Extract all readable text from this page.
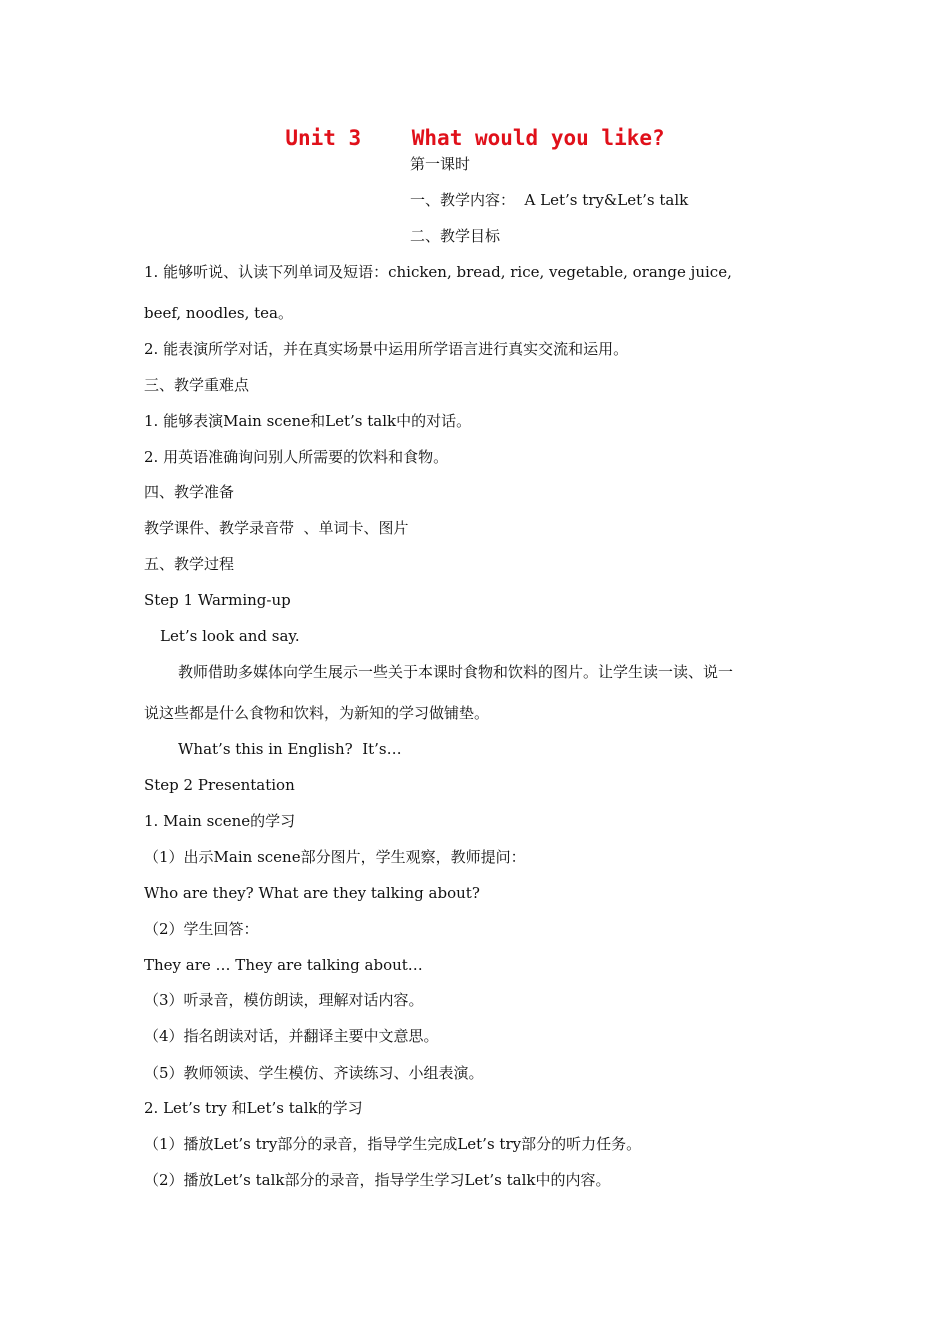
Unit 3    What would you like?

第一课时

一、教学内容：  A Let’s try&Let’s talk

二、教学目标

1. 能够听说、认读下列单词及短语：chicken, bread, rice, vegetable, orange juice,

beef, noodles, tea。

2. 能表演所学对话，并在真实场景中运用所学语言进行真实交流和运用。

三、教学重难点

1. 能够表演Main scene和Let’s talk中的对话。

2. 用英语准确询问别人所需要的饮料和食物。

四、教学准备

教学课件、教学录音带  、单词卡、图片

五、教学过程

Step 1 Warming-up

Let’s look and say.

教师借助多媒体向学生展示一些关于本课时食物和饮料的图片。让学生读一读、说一

说这些都是什么食物和饮料，为新知的学习做铺垫。

What’s this in English?  It’s…

Step 2 Presentation

1. Main scene的学习

（1）出示Main scene部分图片，学生观察，教师提问：

Who are they? What are they talking about?

（2）学生回答：

They are … They are talking about…

（3）听录音，模仿朗读，理解对话内容。

（4）指名朗读对话，并翻译主要中文意思。

（5）教师领读、学生模仿、齐读练习、小组表演。

2. Let’s try 和Let’s talk的学习

（1）播放Let’s try部分的录音，指导学生完成Let’s try部分的听力任务。

（2）播放Let’s talk部分的录音，指导学生学习Let’s talk中的内容。
